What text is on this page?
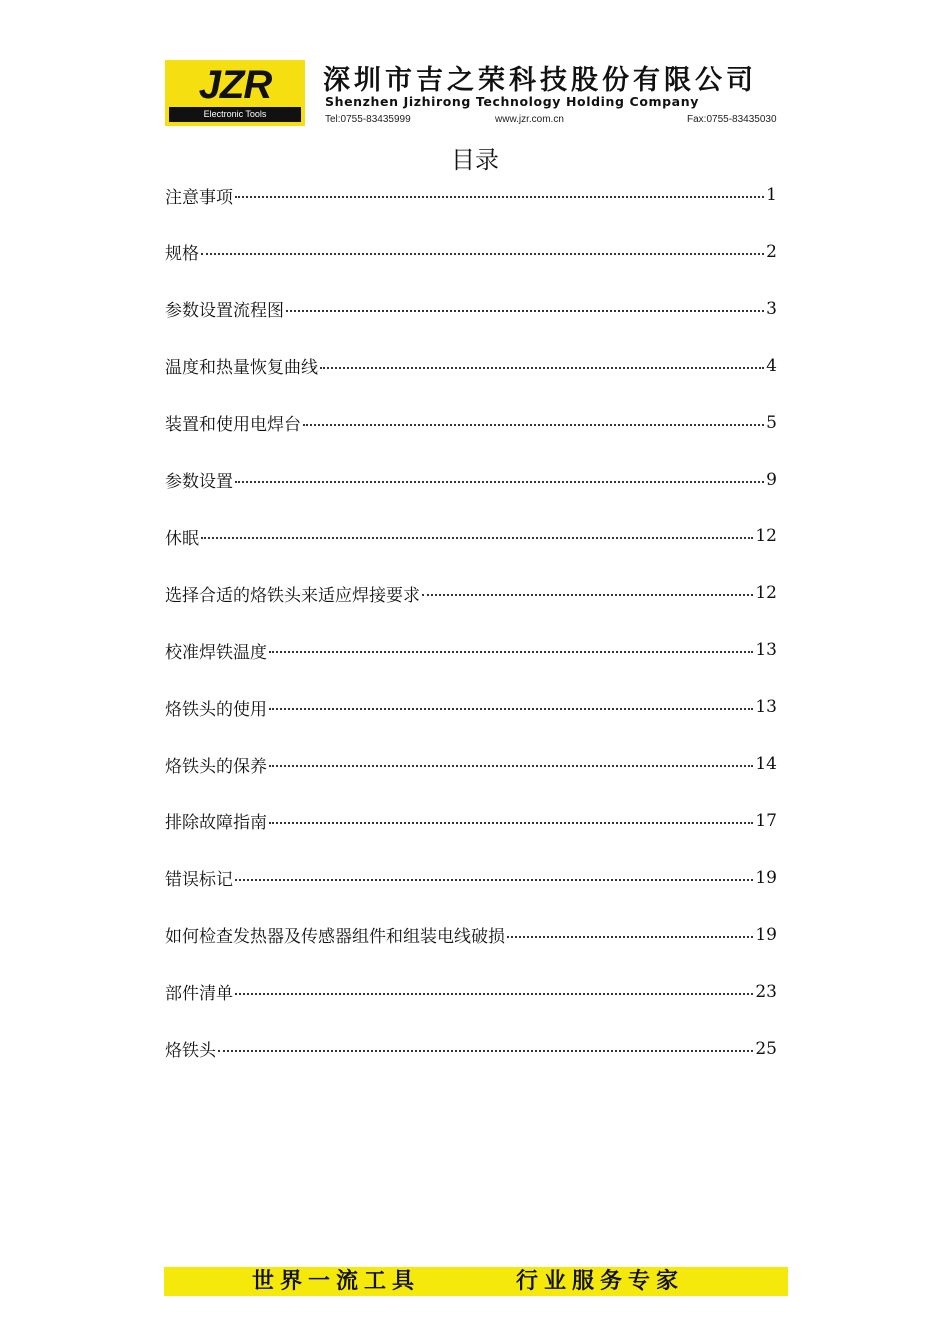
JZR
Electronic Tools
深圳市吉之荣科技股份有限公司
Shenzhen Jizhirong Technology Holding Company
Tel:0755-83435999	www.jzr.com.cn	Fax:0755-83435030
目录
注意事项	1
规格	2
参数设置流程图	3
温度和热量恢复曲线	4
装置和使用电焊台	5
参数设置	9
休眠	12
选择合适的烙铁头来适应焊接要求	12
校准焊铁温度	13
烙铁头的使用	13
烙铁头的保养	14
排除故障指南	17
错误标记	19
如何检查发热器及传感器组件和组装电线破损	19
部件清单	23
烙铁头	25
世界一流工具	行业服务专家
